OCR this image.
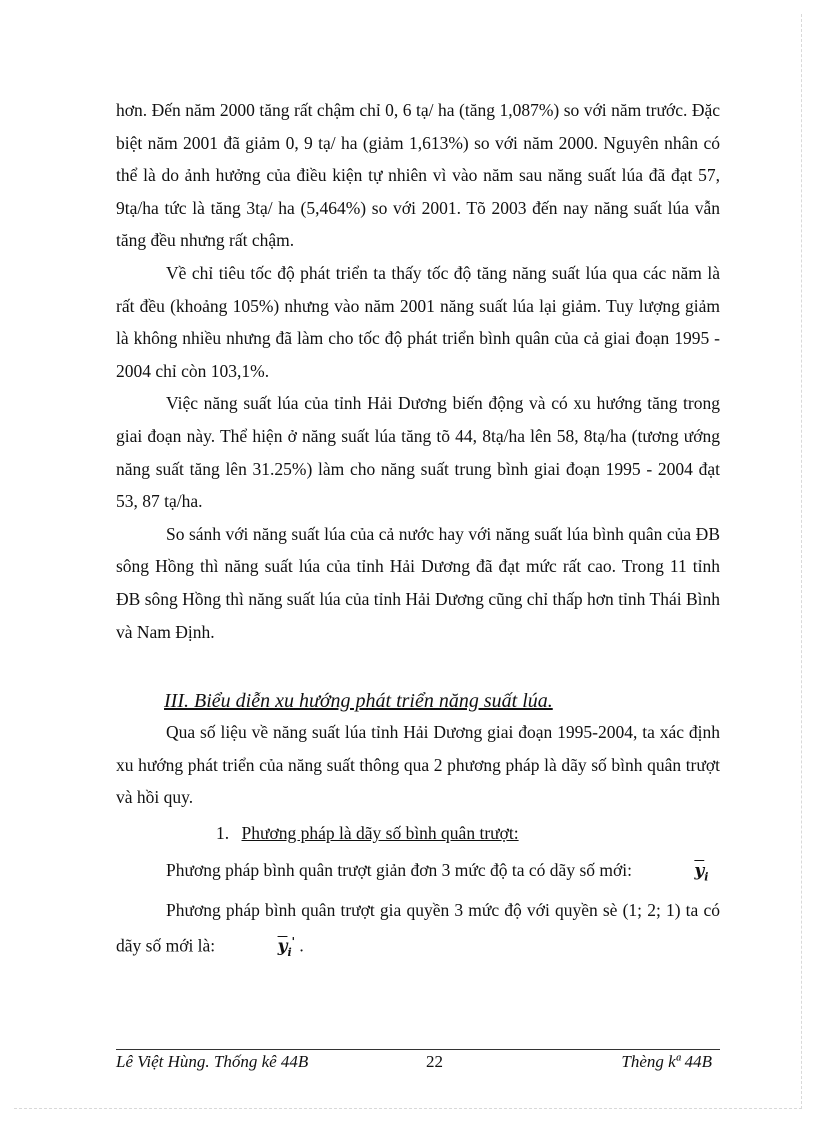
hơn. Đến năm 2000 tăng rất chậm chỉ 0, 6 tạ/ ha (tăng 1,087%) so với năm trước. Đặc biệt năm 2001 đã giảm 0, 9 tạ/ ha (giảm 1,613%) so với năm 2000. Nguyên nhân có thể là do ảnh hưởng của điều kiện tự nhiên vì vào năm sau năng suất lúa đã đạt 57, 9tạ/ha tức là tăng 3tạ/ ha (5,464%) so với 2001. Tõ 2003 đến nay năng suất lúa vẫn tăng đều nhưng rất chậm.

Về chỉ tiêu tốc độ phát triển ta thấy tốc độ tăng năng suất lúa qua các năm là rất đều (khoảng 105%) nhưng vào năm 2001 năng suất lúa lại giảm. Tuy lượng giảm là không nhiều nhưng đã làm cho tốc độ phát triển bình quân của cả giai đoạn 1995 - 2004 chỉ còn 103,1%.

Việc năng suất lúa của tỉnh Hải Dương biến động và có xu hướng tăng trong giai đoạn này. Thể hiện ở năng suất lúa tăng tõ 44, 8tạ/ha lên 58, 8tạ/ha (tương ướng năng suất tăng lên 31.25%) làm cho năng suất trung bình giai đoạn 1995 - 2004 đạt 53, 87 tạ/ha.

So sánh với năng suất lúa của cả nước hay với năng suất lúa bình quân của ĐB sông Hồng thì năng suất lúa của tỉnh Hải Dương đã đạt mức rất cao. Trong 11 tỉnh ĐB sông Hồng thì năng suất lúa của tỉnh Hải Dương cũng chỉ thấp hơn tỉnh Thái Bình và Nam Định.

III. Biểu diễn xu hướng phát triển năng suất lúa.

Qua số liệu về năng suất lúa tỉnh Hải Dương giai đoạn 1995-2004, ta xác định xu hướng phát triển của năng suất thông qua 2 phương pháp là dãy số bình quân trượt và hồi quy.

1. Phương pháp là dãy số bình quân trượt:

Phương pháp bình quân trượt giản đơn 3 mức độ ta có dãy số mới:	$\overline{y}_i$

Phương pháp bình quân trượt gia quyền 3 mức độ với quyền sè (1; 2; 1) ta có dãy số mới là:	$\overline{y}_i'$ .

Lê Việt Hùng. Thống kê 44B	22	Thèng kª 44B
